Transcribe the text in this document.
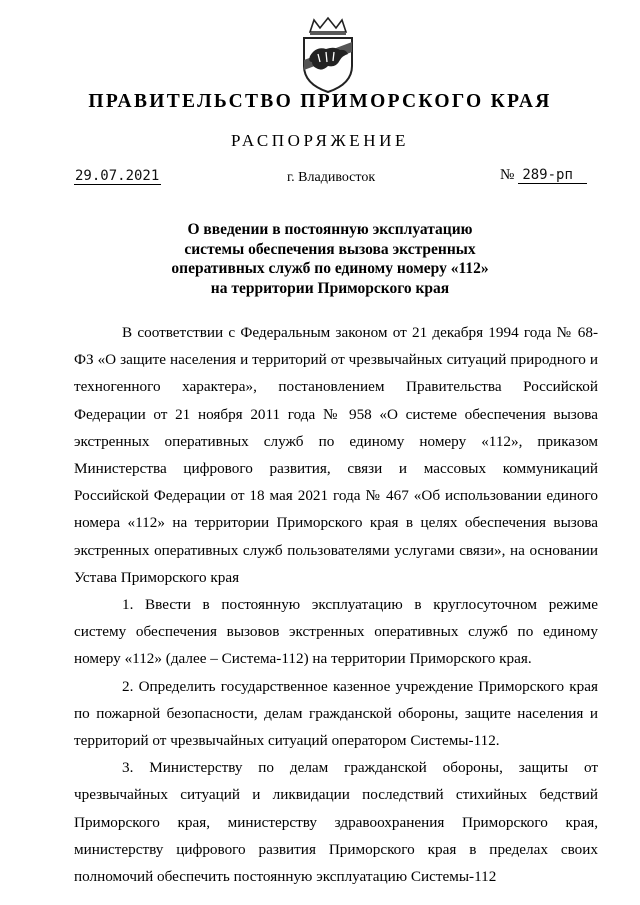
ПРАВИТЕЛЬСТВО ПРИМОРСКОГО КРАЯ
РАСПОРЯЖЕНИЕ
29.07.2021	г. Владивосток	№ 289-рп
О введении в постоянную эксплуатацию
системы обеспечения вызова экстренных
оперативных служб по единому номеру «112»
на территории Приморского края

В соответствии с Федеральным законом от 21 декабря 1994 года № 68-ФЗ «О защите населения и территорий от чрезвычайных ситуаций природного и техногенного характера», постановлением Правительства Российской Федерации от 21 ноября 2011 года № 958 «О системе обеспечения вызова экстренных оперативных служб по единому номеру «112», приказом Министерства цифрового развития, связи и массовых коммуникаций Российской Федерации от 18 мая 2021 года № 467 «Об использовании единого номера «112» на территории Приморского края в целях обеспечения вызова экстренных оперативных служб пользователями услугами связи», на основании Устава Приморского края

1. Ввести в постоянную эксплуатацию в круглосуточном режиме систему обеспечения вызовов экстренных оперативных служб по единому номеру «112» (далее – Система-112) на территории Приморского края.

2. Определить государственное казенное учреждение Приморского края по пожарной безопасности, делам гражданской обороны, защите населения и территорий от чрезвычайных ситуаций оператором Системы-112.

3. Министерству по делам гражданской обороны, защиты от чрезвычайных ситуаций и ликвидации последствий стихийных бедствий Приморского края, министерству здравоохранения Приморского края, министерству цифрового развития Приморского края в пределах своих полномочий обеспечить постоянную эксплуатацию Системы-112
